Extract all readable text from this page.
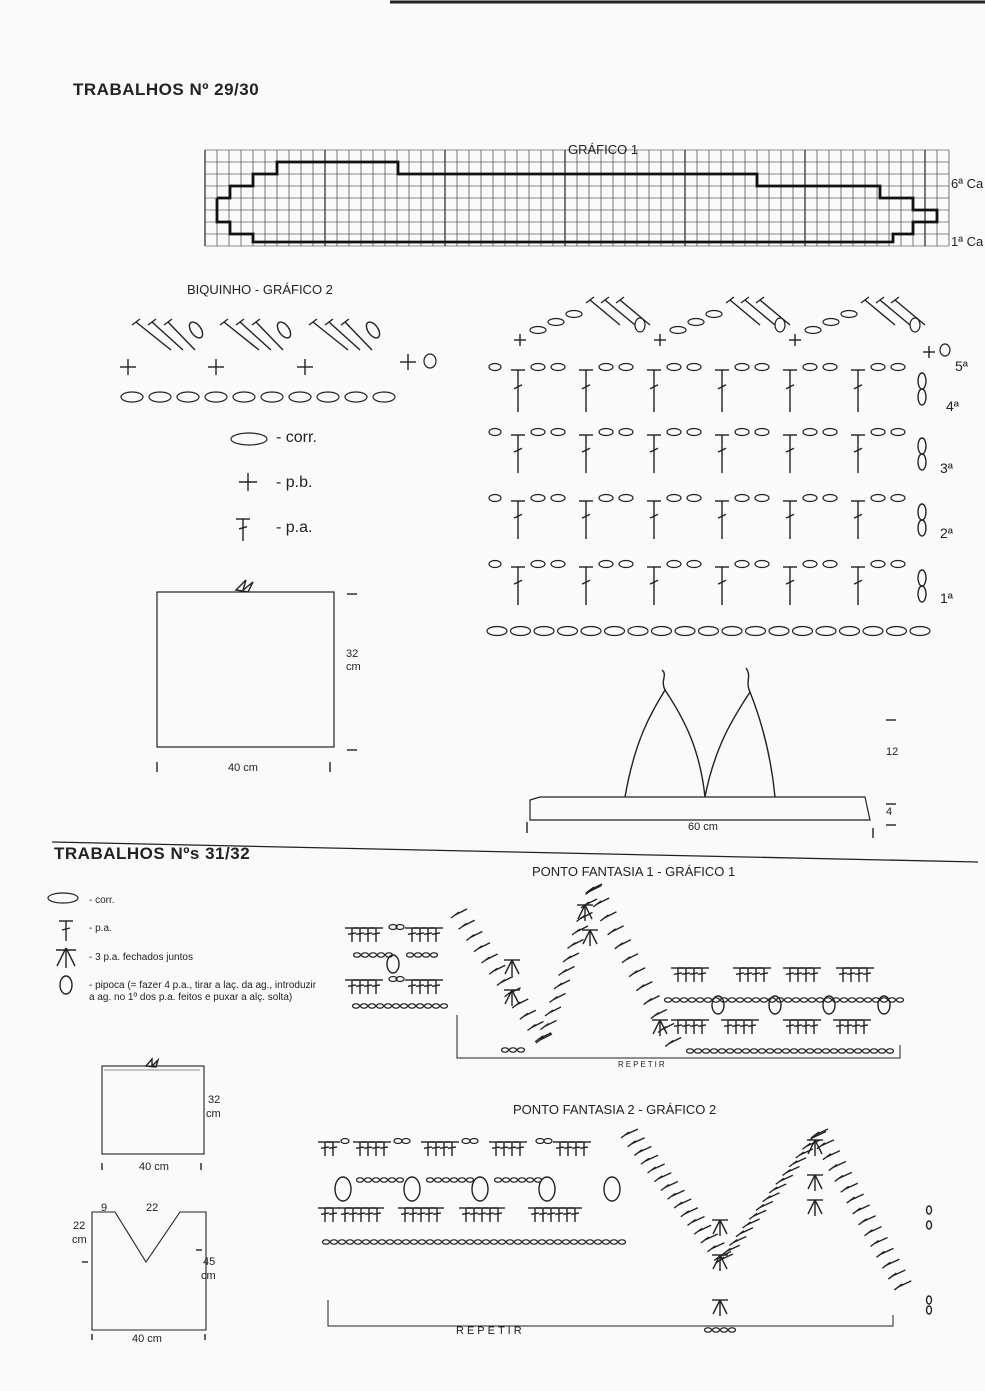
TRABALHOS Nº 29/30
GRÁFICO 1
6ª Ca
1ª Ca
BIQUINHO - GRÁFICO 2
- corr.
- p.b.
- p.a.
5ª
4ª
3ª
2ª
1ª
32
cm
40 cm
12
4
60 cm
TRABALHOS Nºs 31/32
PONTO FANTASIA 1 - GRÁFICO 1
PONTO FANTASIA 2 - GRÁFICO 2
REPETIR
REPETIR
- corr.
- p.a.
- 3 p.a. fechados juntos
- pipoca (= fazer 4 p.a., tirar a laç. da ag., introduzir a ag. no 1º dos p.a. feitos e puxar a alç. solta)
32
cm
40 cm
9	22
22
cm
45
cm
40 cm
